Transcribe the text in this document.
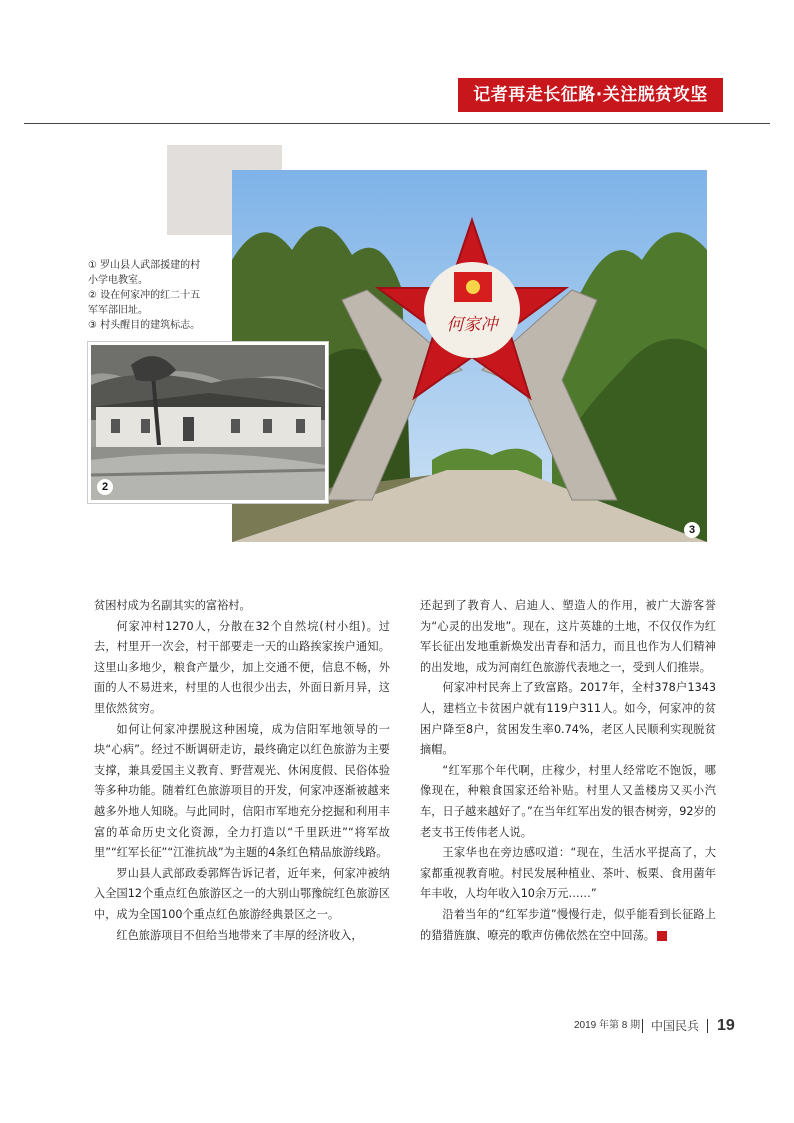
记者再走长征路·关注脱贫攻坚
何家冲
3
2
① 罗山县人武部援建的村
小学电教室。
② 设在何家冲的红二十五
军军部旧址。
③ 村头醒目的建筑标志。

贫困村成为名副其实的富裕村。

何家冲村1270人，分散在32个自然垸(村小组)。过去，村里开一次会，村干部要走一天的山路挨家挨户通知。这里山多地少，粮食产量少，加上交通不便，信息不畅，外面的人不易进来，村里的人也很少出去，外面日新月异，这里依然贫穷。

如何让何家冲摆脱这种困境，成为信阳军地领导的一块“心病”。经过不断调研走访，最终确定以红色旅游为主要支撑，兼具爱国主义教育、野营观光、休闲度假、民俗体验等多种功能。随着红色旅游项目的开发，何家冲逐渐被越来越多外地人知晓。与此同时，信阳市军地充分挖掘和利用丰富的革命历史文化资源，全力打造以“千里跃进”“将军故里”“红军长征”“江淮抗战”为主题的4条红色精品旅游线路。

罗山县人武部政委郭辉告诉记者，近年来，何家冲被纳入全国12个重点红色旅游区之一的大别山鄂豫皖红色旅游区中，成为全国100个重点红色旅游经典景区之一。

红色旅游项目不但给当地带来了丰厚的经济收入，

还起到了教育人、启迪人、塑造人的作用，被广大游客誉为“心灵的出发地”。现在，这片英雄的土地，不仅仅作为红军长征出发地重新焕发出青春和活力，而且也作为人们精神的出发地，成为河南红色旅游代表地之一，受到人们推崇。

何家冲村民奔上了致富路。2017年，全村378户1343人，建档立卡贫困户就有119户311人。如今，何家冲的贫困户降至8户，贫困发生率0.74%，老区人民顺利实现脱贫摘帽。

“红军那个年代啊，庄稼少，村里人经常吃不饱饭，哪像现在，种粮食国家还给补贴。村里人又盖楼房又买小汽车，日子越来越好了。”在当年红军出发的银杏树旁，92岁的老支书王传伟老人说。

王家华也在旁边感叹道：“现在，生活水平提高了，大家都重视教育啦。村民发展种植业、茶叶、板栗、食用菌年年丰收，人均年收入10余万元……”

沿着当年的“红军步道”慢慢行走，似乎能看到长征路上的猎猎旌旗、嘹亮的歌声仿佛依然在空中回荡。	■

2019 年第 8 期 中国民兵 19
